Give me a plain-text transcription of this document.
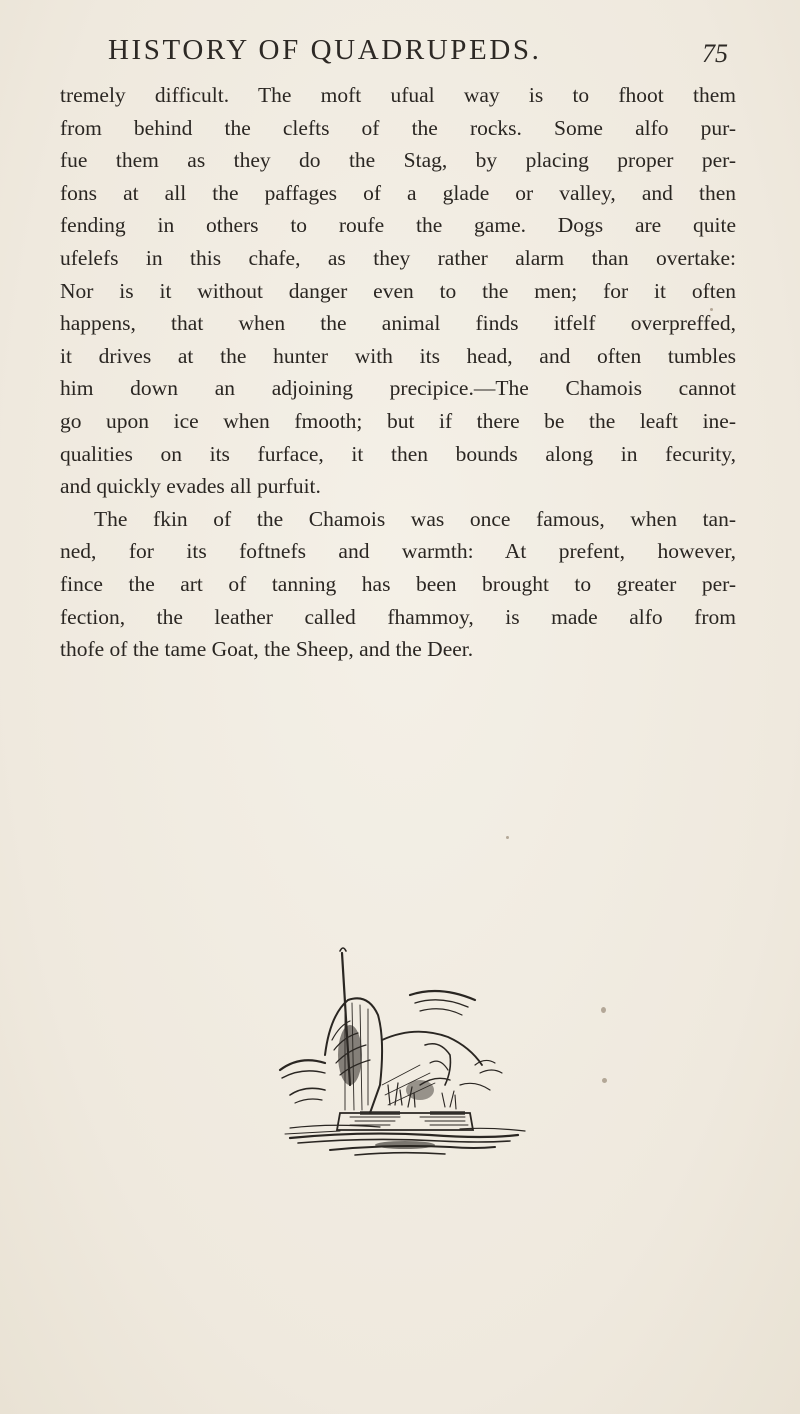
HISTORY OF QUADRUPEDS.	75
tremely difficult. The moft ufual way is to fhoot them
from behind the clefts of the rocks. Some alfo pur-
fue them as they do the Stag, by placing proper per-
fons at all the paffages of a glade or valley, and then
fending in others to roufe the game. Dogs are quite
ufelefs in this chafe, as they rather alarm than overtake:
Nor is it without danger even to the men; for it often
happens, that when the animal finds itfelf overpreffed,
it drives at the hunter with its head, and often tumbles
him down an adjoining precipice.—The Chamois cannot
go upon ice when fmooth; but if there be the leaft ine-
qualities on its furface, it then bounds along in fecurity,
and quickly evades all purfuit.
The fkin of the Chamois was once famous, when tan-
ned, for its foftnefs and warmth: At prefent, however,
fince the art of tanning has been brought to greater per-
fection, the leather called fhammoy, is made alfo from
thofe of the tame Goat, the Sheep, and the Deer.
